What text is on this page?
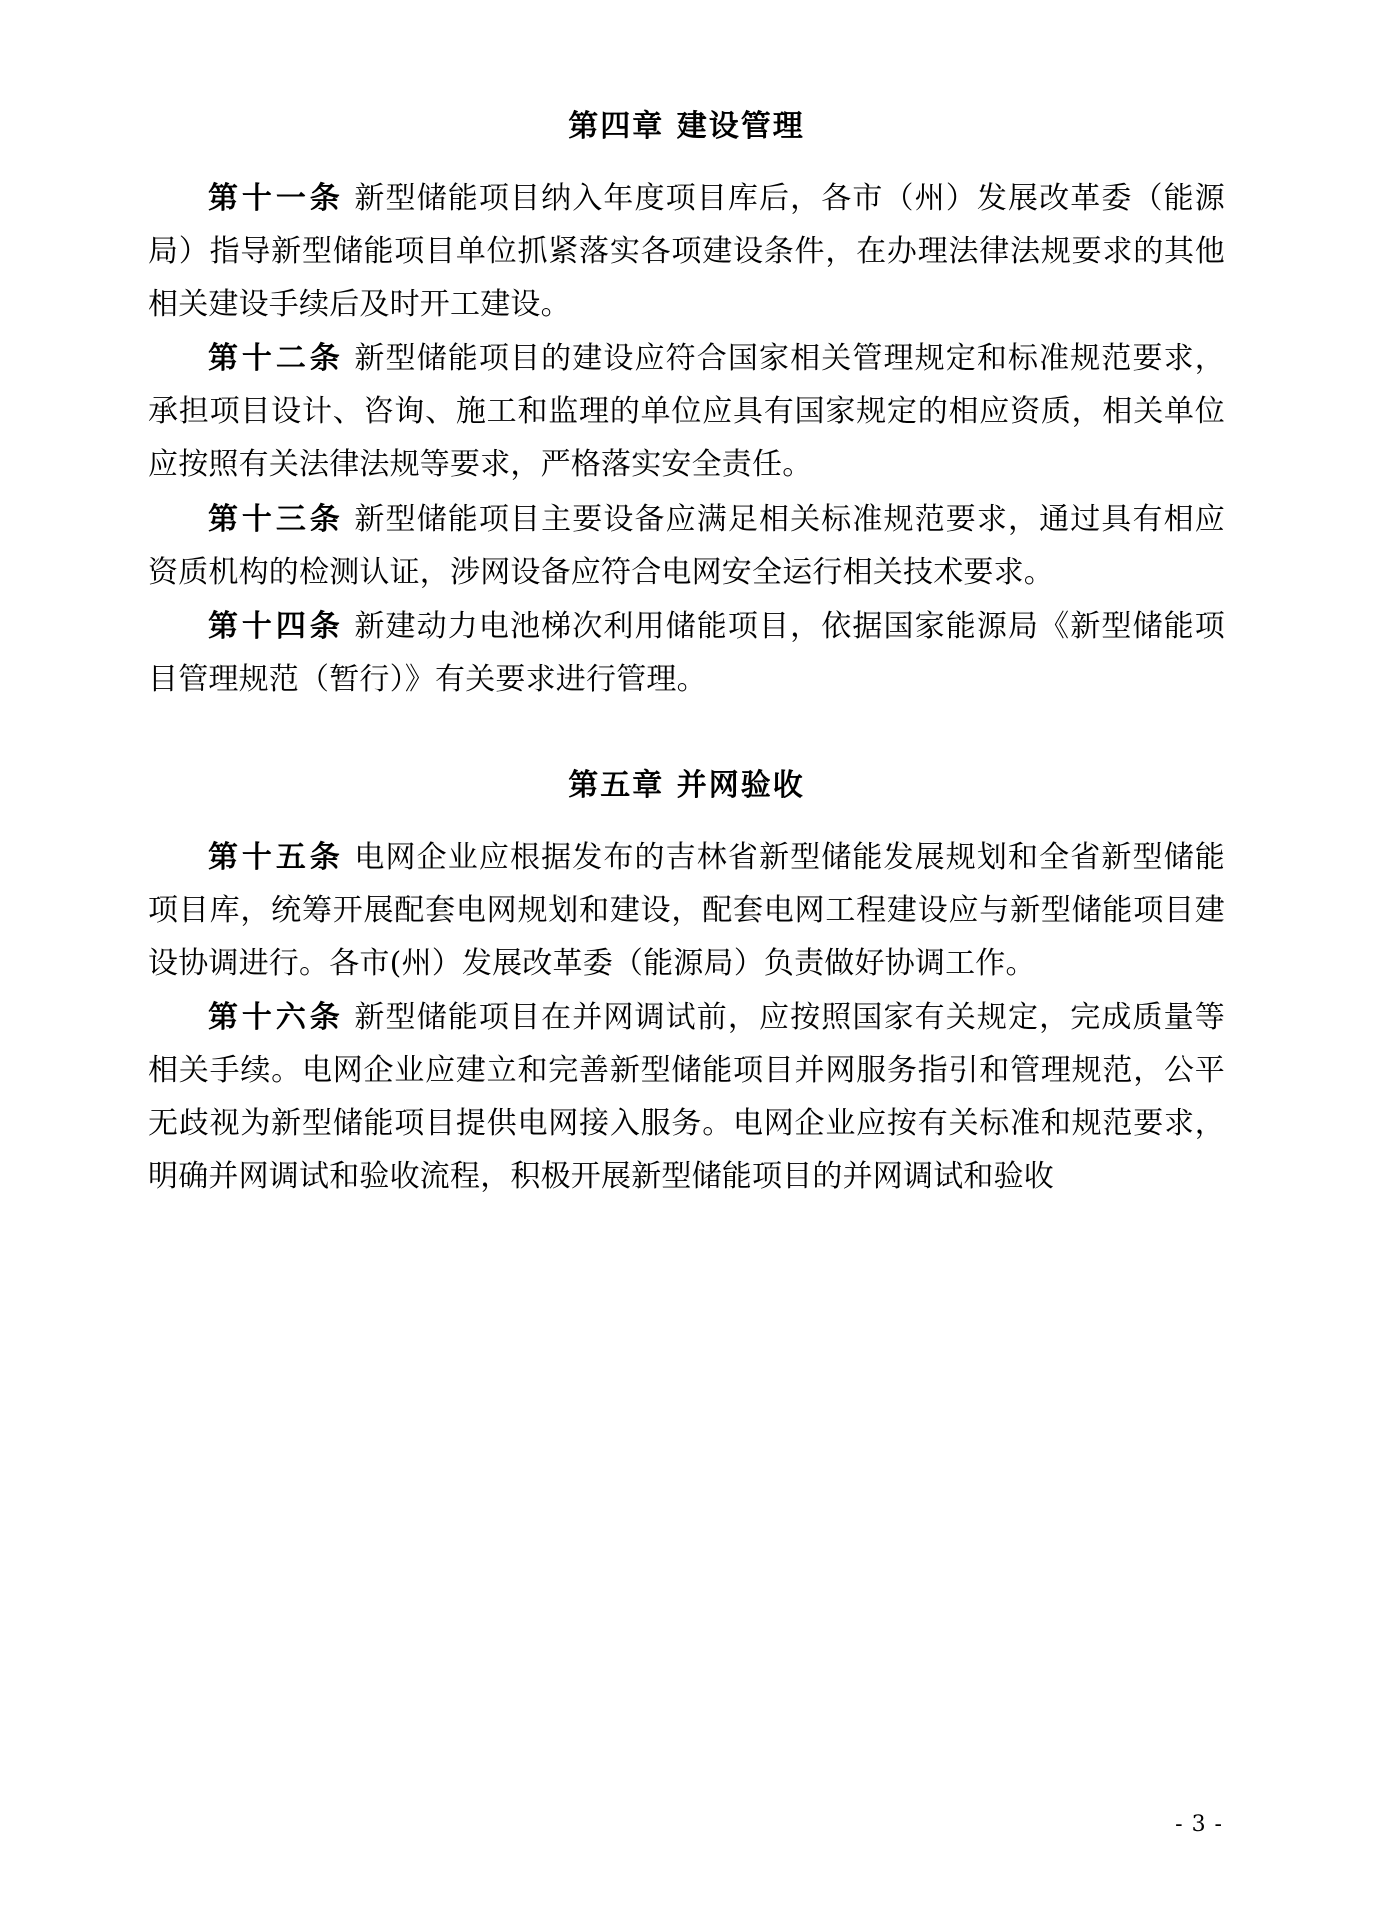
第四章 建设管理

第十一条 新型储能项目纳入年度项目库后，各市（州）发展改革委（能源局）指导新型储能项目单位抓紧落实各项建设条件，在办理法律法规要求的其他相关建设手续后及时开工建设。

第十二条 新型储能项目的建设应符合国家相关管理规定和标准规范要求，承担项目设计、咨询、施工和监理的单位应具有国家规定的相应资质，相关单位应按照有关法律法规等要求，严格落实安全责任。

第十三条 新型储能项目主要设备应满足相关标准规范要求，通过具有相应资质机构的检测认证，涉网设备应符合电网安全运行相关技术要求。

第十四条 新建动力电池梯次利用储能项目，依据国家能源局《新型储能项目管理规范（暂行）》有关要求进行管理。

第五章 并网验收

第十五条 电网企业应根据发布的吉林省新型储能发展规划和全省新型储能项目库，统筹开展配套电网规划和建设，配套电网工程建设应与新型储能项目建设协调进行。各市(州）发展改革委（能源局）负责做好协调工作。

第十六条 新型储能项目在并网调试前，应按照国家有关规定，完成质量等相关手续。电网企业应建立和完善新型储能项目并网服务指引和管理规范，公平无歧视为新型储能项目提供电网接入服务。电网企业应按有关标准和规范要求，明确并网调试和验收流程，积极开展新型储能项目的并网调试和验收

- 3 -
